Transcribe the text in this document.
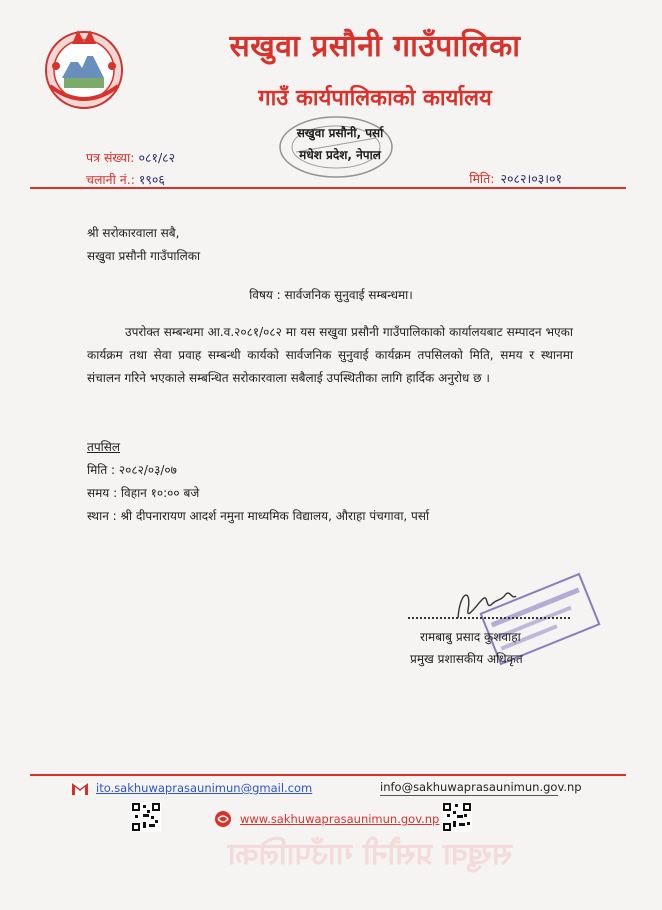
सखुवा प्रसौनी गाउँपालिका
गाउँ कार्यपालिकाको कार्यालय
सखुवा प्रसौनी, पर्सा
मधेश प्रदेश, नेपाल
पत्र संख्या: ०८१/८२
चलानी नं.: १९०६	मिति: २०८२।०३।०१
श्री सरोकारवाला सबै,
सखुवा प्रसौनी गाउँपालिका
विषय : सार्वजनिक सुनुवाई सम्बन्धमा।
उपरोक्त सम्बन्धमा आ.व.२०८१/०८२ मा यस सखुवा प्रसौनी गाउँपालिकाको कार्यालयबाट सम्पादन भएका कार्यक्रम तथा सेवा प्रवाह सम्बन्धी कार्यको सार्वजनिक सुनुवाई कार्यक्रम तपसिलको मिति, समय र स्थानमा संचालन गरिने भएकाले सम्बन्धित सरोकारवाला सबैलाई उपस्थितीका लागि हार्दिक अनुरोध छ ।
तपसिल
मिति : २०८२/०३/०७
समय : विहान १०:०० बजे
स्थान : श्री दीपनारायण आदर्श नमुना माध्यमिक विद्यालय, औराहा पंचगावा, पर्सा
रामबाबु प्रसाद कुशवाहा
प्रमुख प्रशासकीय अधिकृत
सखुवा प्रसौनी गाउँपालिका
ito.sakhuwaprasaunimun@gmail.com	info@sakhuwaprasaunimun.gov.np
www.sakhuwaprasaunimun.gov.np
